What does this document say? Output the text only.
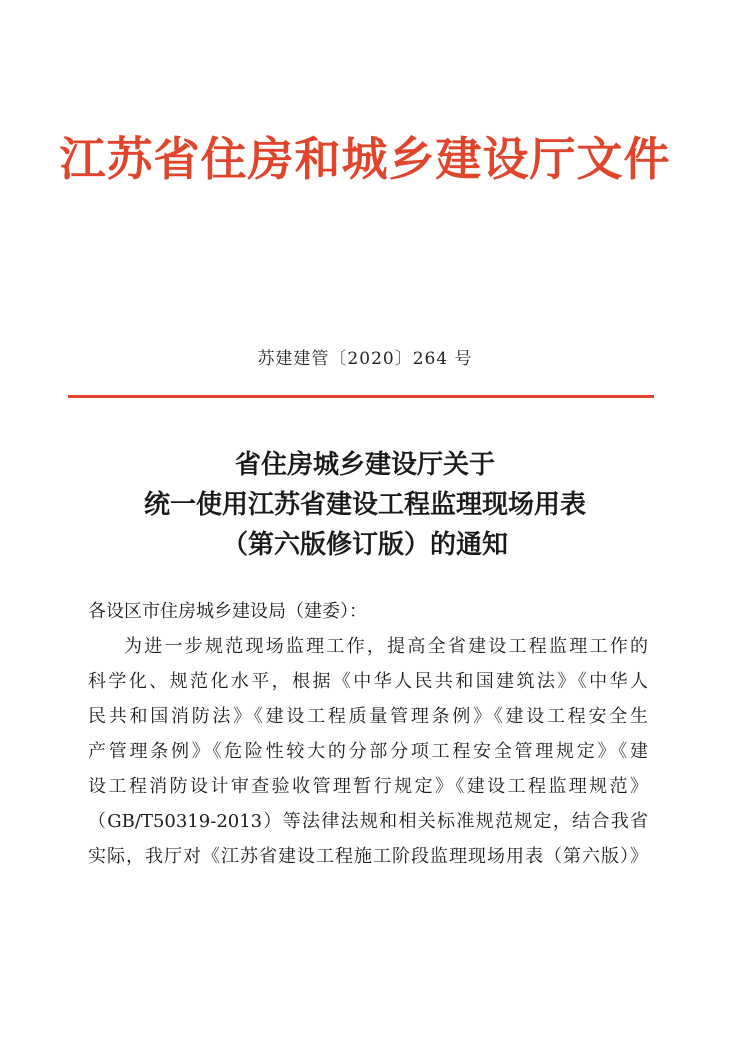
江苏省住房和城乡建设厅文件
苏建建管〔2020〕264 号
省住房城乡建设厅关于
统一使用江苏省建设工程监理现场用表
（第六版修订版）的通知
各设区市住房城乡建设局（建委）：
为进一步规范现场监理工作，提高全省建设工程监理工作的
科学化、规范化水平，根据《中华人民共和国建筑法》《中华人
民共和国消防法》《建设工程质量管理条例》《建设工程安全生
产管理条例》《危险性较大的分部分项工程安全管理规定》《建
设工程消防设计审查验收管理暂行规定》《建设工程监理规范》
（GB/T50319-2013）等法律法规和相关标准规范规定，结合我省
实际，我厅对《江苏省建设工程施工阶段监理现场用表（第六版）》
